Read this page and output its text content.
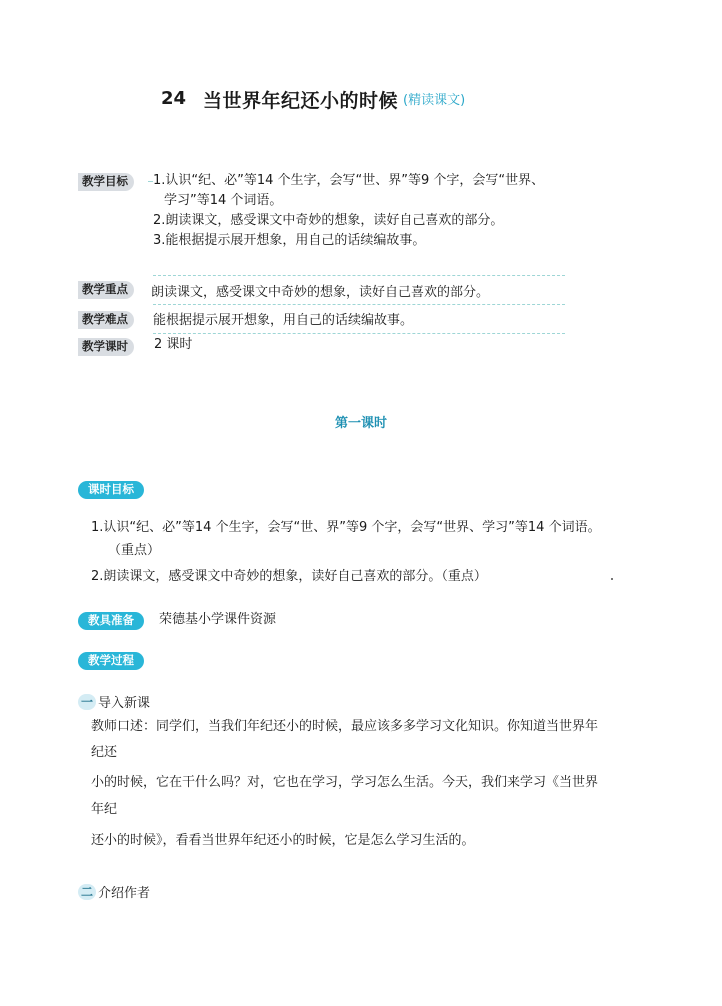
24 当世界年纪还小的时候 (精读课文)
教学目标	1.认识“纪、必”等14 个生字，会写“世、界”等9 个字，会写“世界、
学习”等14 个词语。
2.朗读课文，感受课文中奇妙的想象，读好自己喜欢的部分。
3.能根据提示展开想象，用自己的话续编故事。
教学重点	朗读课文，感受课文中奇妙的想象，读好自己喜欢的部分。
教学难点	能根据提示展开想象，用自己的话续编故事。
教学课时	2 课时
第一课时
课时目标
1.认识“纪、必”等14 个生字，会写“世、界”等9 个字，会写“世界、学习”等14 个词语。
（重点）
2.朗读课文，感受课文中奇妙的想象，读好自己喜欢的部分。（重点）
教具准备	荣德基小学课件资源
教学过程
一 导入新课
教师口述：同学们，当我们年纪还小的时候，最应该多多学习文化知识。你知道当世界年
纪还
小的时候，它在干什么吗？对，它也在学习，学习怎么生活。今天，我们来学习《当世界
年纪
还小的时候》，看看当世界年纪还小的时候，它是怎么学习生活的。
二 介绍作者
